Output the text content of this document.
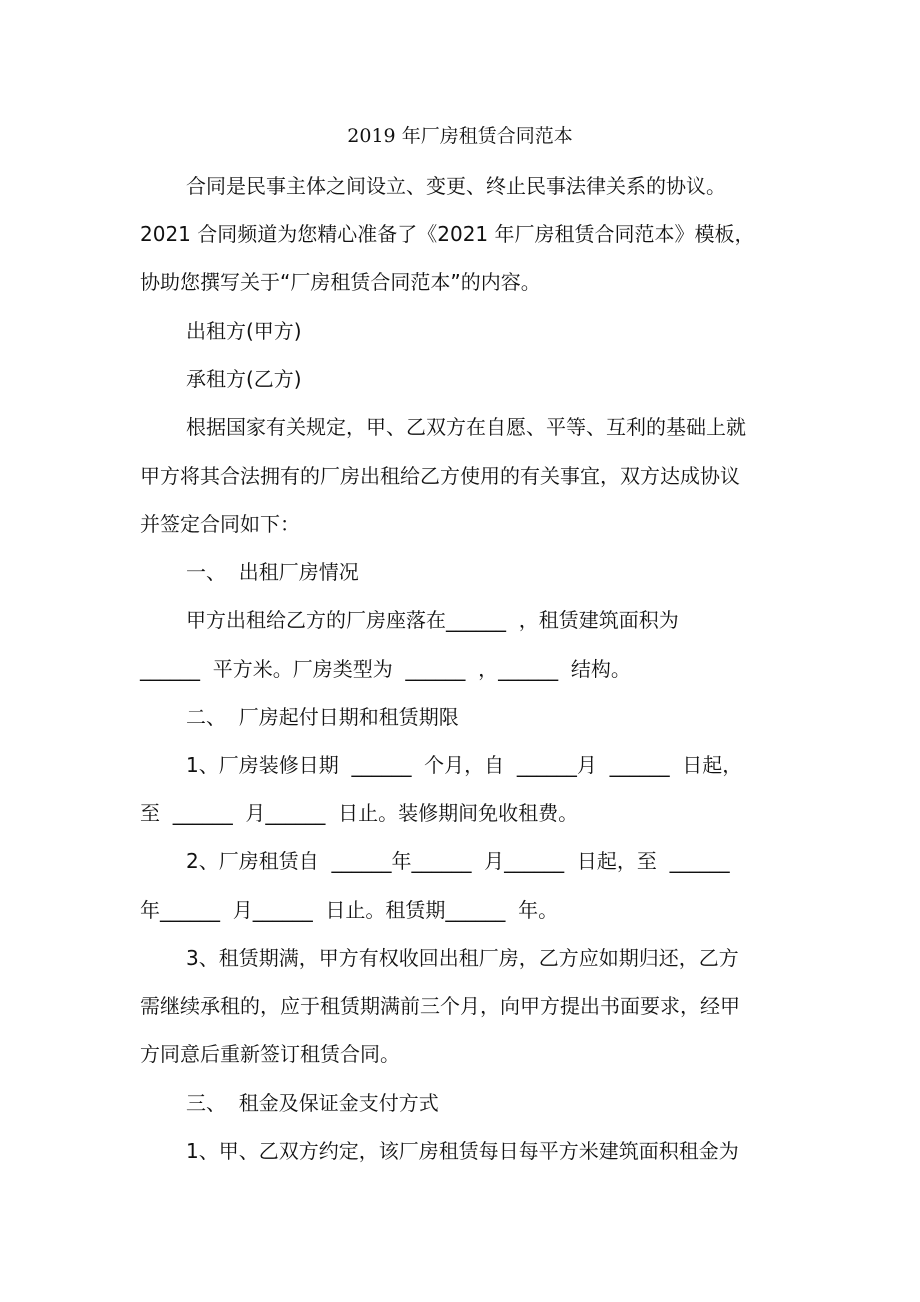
2019 年厂房租赁合同范本
合同是民事主体之间设立、变更、终止民事法律关系的协议。
2021 合同频道为您精心准备了《2021 年厂房租赁合同范本》模板，
协助您撰写关于“厂房租赁合同范本”的内容。
出租方(甲方)
承租方(乙方)
根据国家有关规定，甲、乙双方在自愿、平等、互利的基础上就
甲方将其合法拥有的厂房出租给乙方使用的有关事宜，双方达成协议
并签定合同如下：
一、  出租厂房情况
甲方出租给乙方的厂房座落在______  ，租赁建筑面积为
______  平方米。厂房类型为  ______  ，______  结构。
二、  厂房起付日期和租赁期限
1、厂房装修日期  ______  个月，自  ______月  ______  日起，
至  ______  月______  日止。装修期间免收租费。
2、厂房租赁自  ______年______  月______  日起，至  ______
年______  月______  日止。租赁期______  年。
3、租赁期满，甲方有权收回出租厂房，乙方应如期归还，乙方
需继续承租的，应于租赁期满前三个月，向甲方提出书面要求，经甲
方同意后重新签订租赁合同。
三、  租金及保证金支付方式
1、甲、乙双方约定，该厂房租赁每日每平方米建筑面积租金为
